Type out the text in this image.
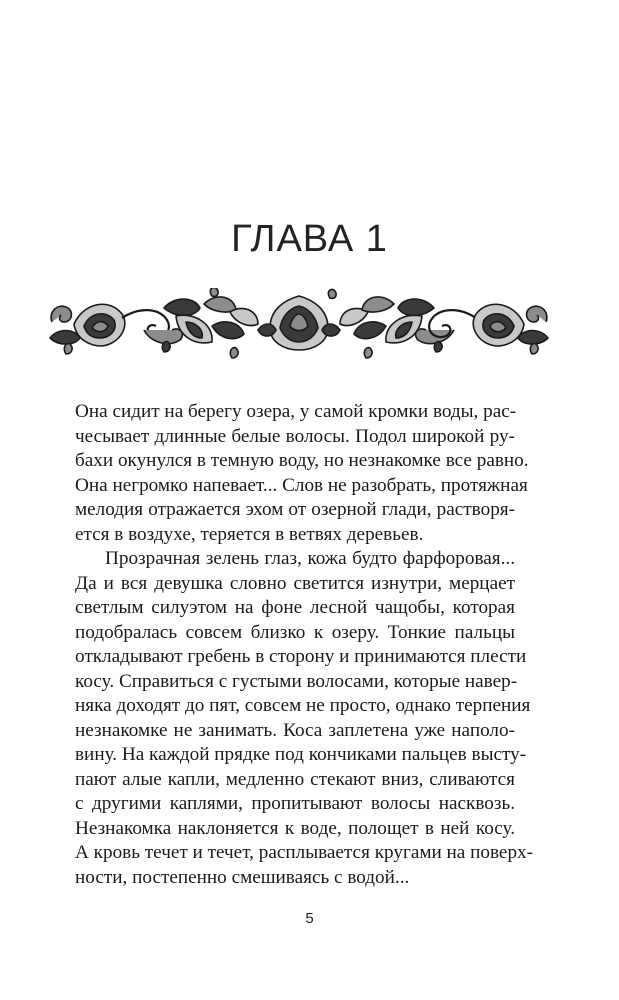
ГЛАВА 1
Она сидит на берегу озера, у самой кромки воды, рас-
чесывает длинные белые волосы. Подол широкой ру-
бахи окунулся в темную воду, но незнакомке все равно.
Она негромко напевает... Слов не разобрать, протяжная
мелодия отражается эхом от озерной глади, растворя-
ется в воздухе, теряется в ветвях деревьев.
Прозрачная зелень глаз, кожа будто фарфоровая...
Да и вся девушка словно светится изнутри, мерцает
светлым силуэтом на фоне лесной чащобы, которая
подобралась совсем близко к озеру. Тонкие пальцы
откладывают гребень в сторону и принимаются плести
косу. Справиться с густыми волосами, которые навер-
няка доходят до пят, совсем не просто, однако терпения
незнакомке не занимать. Коса заплетена уже наполо-
вину. На каждой прядке под кончиками пальцев высту-
пают алые капли, медленно стекают вниз, сливаются
с другими каплями, пропитывают волосы насквозь.
Незнакомка наклоняется к воде, полощет в ней косу.
А кровь течет и течет, расплывается кругами на поверх-
ности, постепенно смешиваясь с водой...
5
